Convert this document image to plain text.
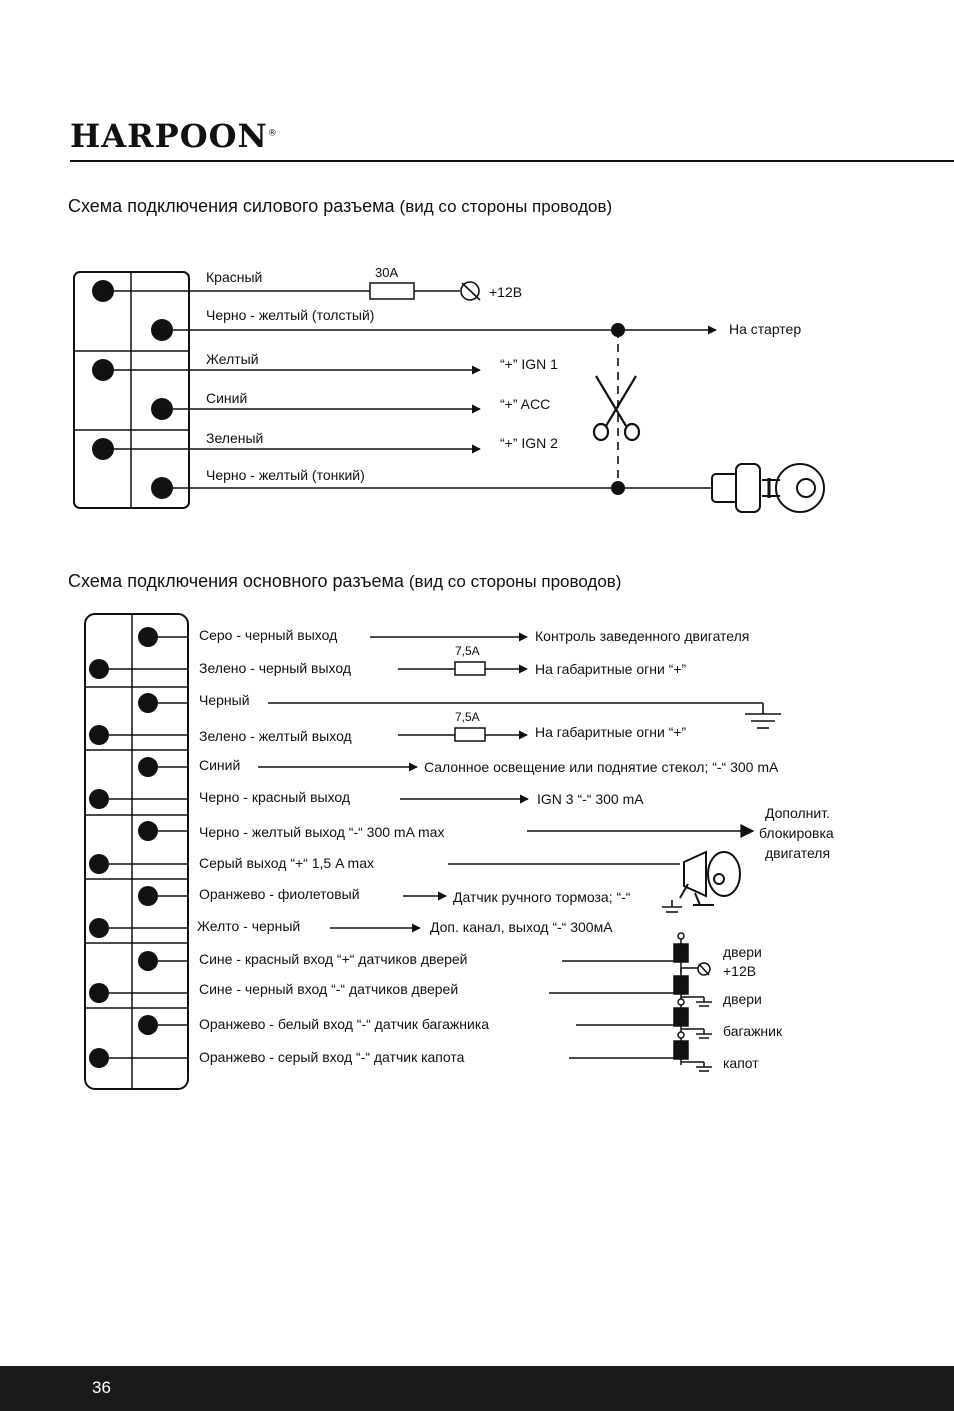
HARPOON®
Схема подключения силового разъема (вид со стороны проводов)
Схема подключения основного разъема (вид со стороны проводов)
30A
+12В
Красный
Черно - желтый (толстый)
На стартер
Желтый	“+” IGN 1
Синий	“+” ACC
Зеленый	“+” IGN 2
Черно - желтый (тонкий)
7,5A
7,5A
Серо - черный выход	Контроль заведенного двигателя
Зелено - черный выход	На габаритные огни “+”
Черный
Зелено - желтый выход	На габаритные огни “+”
Синий	Салонное освещение или поднятие стекол; “-“ 300 mA
Черно - красный выход	IGN 3 “-“ 300 mA
Черно - желтый выход “-“ 300 mA max
Дополнит.
блокировка
двигателя
Серый выход “+“ 1,5 A max
Оранжево - фиолетовый	Датчик ручного тормоза; “-“
Желто - черный	Доп. канал, выход “-“ 300мА
Сине - красный вход “+“ датчиков дверей	двери
+12В
Сине - черный вход “-“ датчиков дверей
двери
Оранжево - белый вход “-“ датчик багажника	багажник
Оранжево - серый вход “-“ датчик капота	капот
36
